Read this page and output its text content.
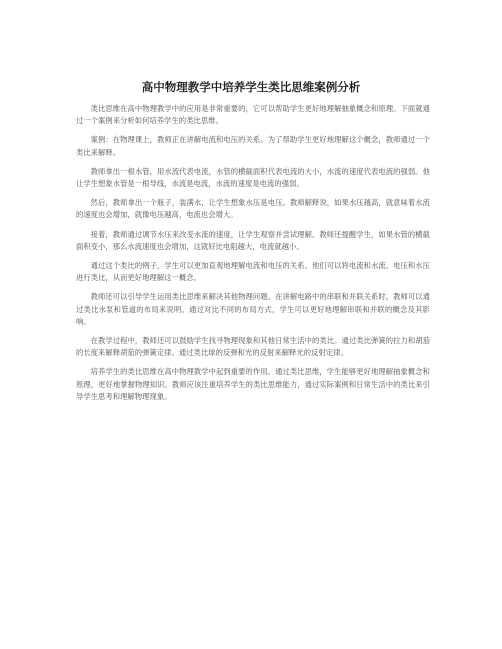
高中物理教学中培养学生类比思维案例分析

类比思维在高中物理教学中的应用是非常重要的，它可以帮助学生更好地理解抽象概念和原理。下面就通过一个案例来分析如何培养学生的类比思维。

案例：在物理课上，教师正在讲解电流和电压的关系。为了帮助学生更好地理解这个概念，教师通过一个类比来解释。

教师拿出一根水管，用水流代表电流，水管的横截面积代表电流的大小，水流的速度代表电流的强弱。他让学生想象水管是一根导线，水流是电流，水流的速度是电流的强弱。

然后，教师拿出一个瓶子，装满水，让学生想象水压是电压。教师解释说，如果水压越高，就意味着水流的速度也会增加，就像电压越高，电流也会增大。

接着，教师通过调节水压来改变水流的速度，让学生观察并尝试理解。教师还提醒学生，如果水管的横截面积变小，那么水流速度也会增加，这就好比电阻越大，电流就越小。

通过这个类比的例子，学生可以更加直观地理解电流和电压的关系。他们可以将电流和水流、电压和水压进行类比，从而更好地理解这一概念。

教师还可以引导学生运用类比思维来解决其他物理问题。在讲解电路中的串联和并联关系时，教师可以通过类比水泵和管道的布局来说明。通过对比不同的布局方式，学生可以更好地理解串联和并联的概念及其影响。

在教学过程中，教师还可以鼓励学生找寻物理现象和其他日常生活中的类比。通过类比弹簧的拉力和胡茄的长度来解释胡茄的弹簧定律。通过类比球的反弹和光的反射来解释光的反射定律。

培养学生的类比思维在高中物理教学中起到重要的作用。通过类比思维，学生能够更好地理解抽象概念和原理，更好地掌握物理知识。教师应该注重培养学生的类比思维能力，通过实际案例和日常生活中的类比来引导学生思考和理解物理现象。
